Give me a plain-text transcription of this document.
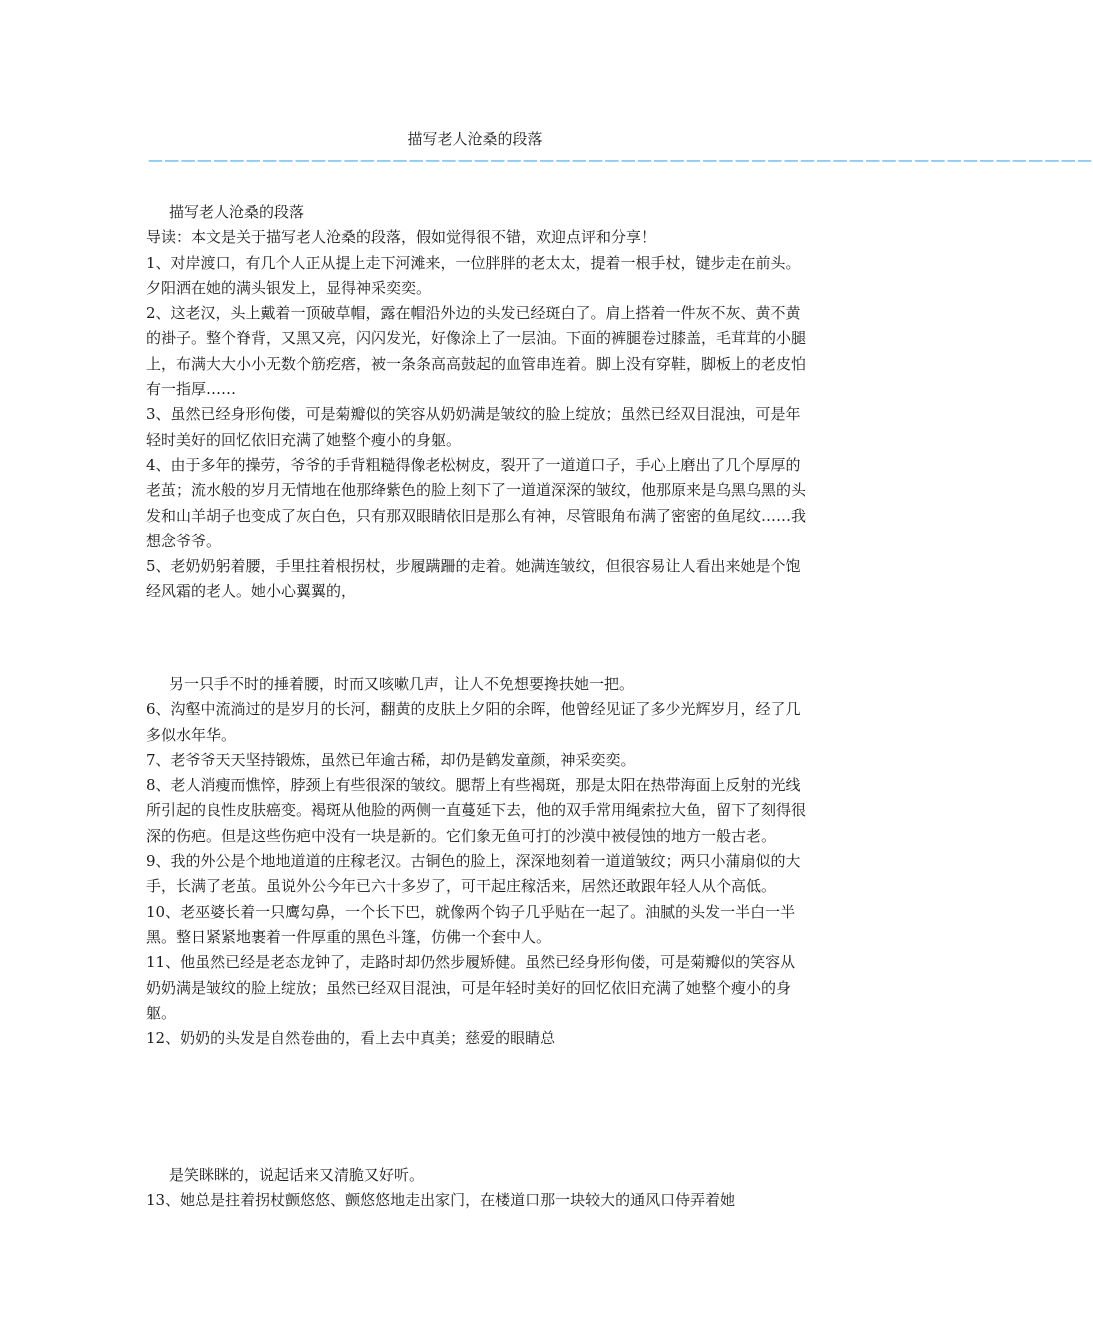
描写老人沧桑的段落
——————————————————————————————————————————————————————————

描写老人沧桑的段落

导读：本文是关于描写老人沧桑的段落，假如觉得很不错，欢迎点评和分享！

1、对岸渡口，有几个人正从提上走下河滩来，一位胖胖的老太太，提着一根手杖，键步走在前头。夕阳洒在她的满头银发上，显得神采奕奕。

2、这老汉，头上戴着一顶破草帽，露在帽沿外边的头发已经斑白了。肩上搭着一件灰不灰、黄不黄的褂子。整个脊背，又黑又亮，闪闪发光，好像涂上了一层油。下面的裤腿卷过膝盖，毛茸茸的小腿上，布满大大小小无数个筋疙瘩，被一条条高高鼓起的血管串连着。脚上没有穿鞋，脚板上的老皮怕有一指厚……

3、虽然已经身形佝偻，可是菊瓣似的笑容从奶奶满是皱纹的脸上绽放；虽然已经双目混浊，可是年轻时美好的回忆依旧充满了她整个瘦小的身躯。

4、由于多年的操劳，爷爷的手背粗糙得像老松树皮，裂开了一道道口子，手心上磨出了几个厚厚的老茧；流水般的岁月无情地在他那绛紫色的脸上刻下了一道道深深的皱纹，他那原来是乌黑乌黑的头发和山羊胡子也变成了灰白色，只有那双眼睛依旧是那么有神，尽管眼角布满了密密的鱼尾纹……我想念爷爷。

5、老奶奶躬着腰，手里拄着根拐杖，步履蹒跚的走着。她满连皱纹，但很容易让人看出来她是个饱经风霜的老人。她小心翼翼的，

另一只手不时的捶着腰，时而又咳嗽几声，让人不免想要搀扶她一把。

6、沟壑中流淌过的是岁月的长河，翻黄的皮肤上夕阳的余晖，他曾经见证了多少光辉岁月，经了几多似水年华。

7、老爷爷天天坚持锻炼，虽然已年逾古稀，却仍是鹤发童颜，神采奕奕。

8、老人消瘦而憔悴，脖颈上有些很深的皱纹。腮帮上有些褐斑，那是太阳在热带海面上反射的光线所引起的良性皮肤癌变。褐斑从他脸的两侧一直蔓延下去，他的双手常用绳索拉大鱼，留下了刻得很深的伤疤。但是这些伤疤中没有一块是新的。它们象无鱼可打的沙漠中被侵蚀的地方一般古老。

9、我的外公是个地地道道的庄稼老汉。古铜色的脸上，深深地刻着一道道皱纹；两只小蒲扇似的大手，长满了老茧。虽说外公今年已六十多岁了，可干起庄稼活来，居然还敢跟年轻人从个高低。

10、老巫婆长着一只鹰勾鼻，一个长下巴，就像两个钩子几乎贴在一起了。油腻的头发一半白一半黑。整日紧紧地裹着一件厚重的黑色斗篷，仿佛一个套中人。

11、他虽然已经是老态龙钟了，走路时却仍然步履矫健。虽然已经身形佝偻，可是菊瓣似的笑容从奶奶满是皱纹的脸上绽放；虽然已经双目混浊，可是年轻时美好的回忆依旧充满了她整个瘦小的身躯。

12、奶奶的头发是自然卷曲的，看上去中真美；慈爱的眼睛总

是笑眯眯的，说起话来又清脆又好听。

13、她总是拄着拐杖颤悠悠、颤悠悠地走出家门，在楼道口那一块较大的通风口侍弄着她
